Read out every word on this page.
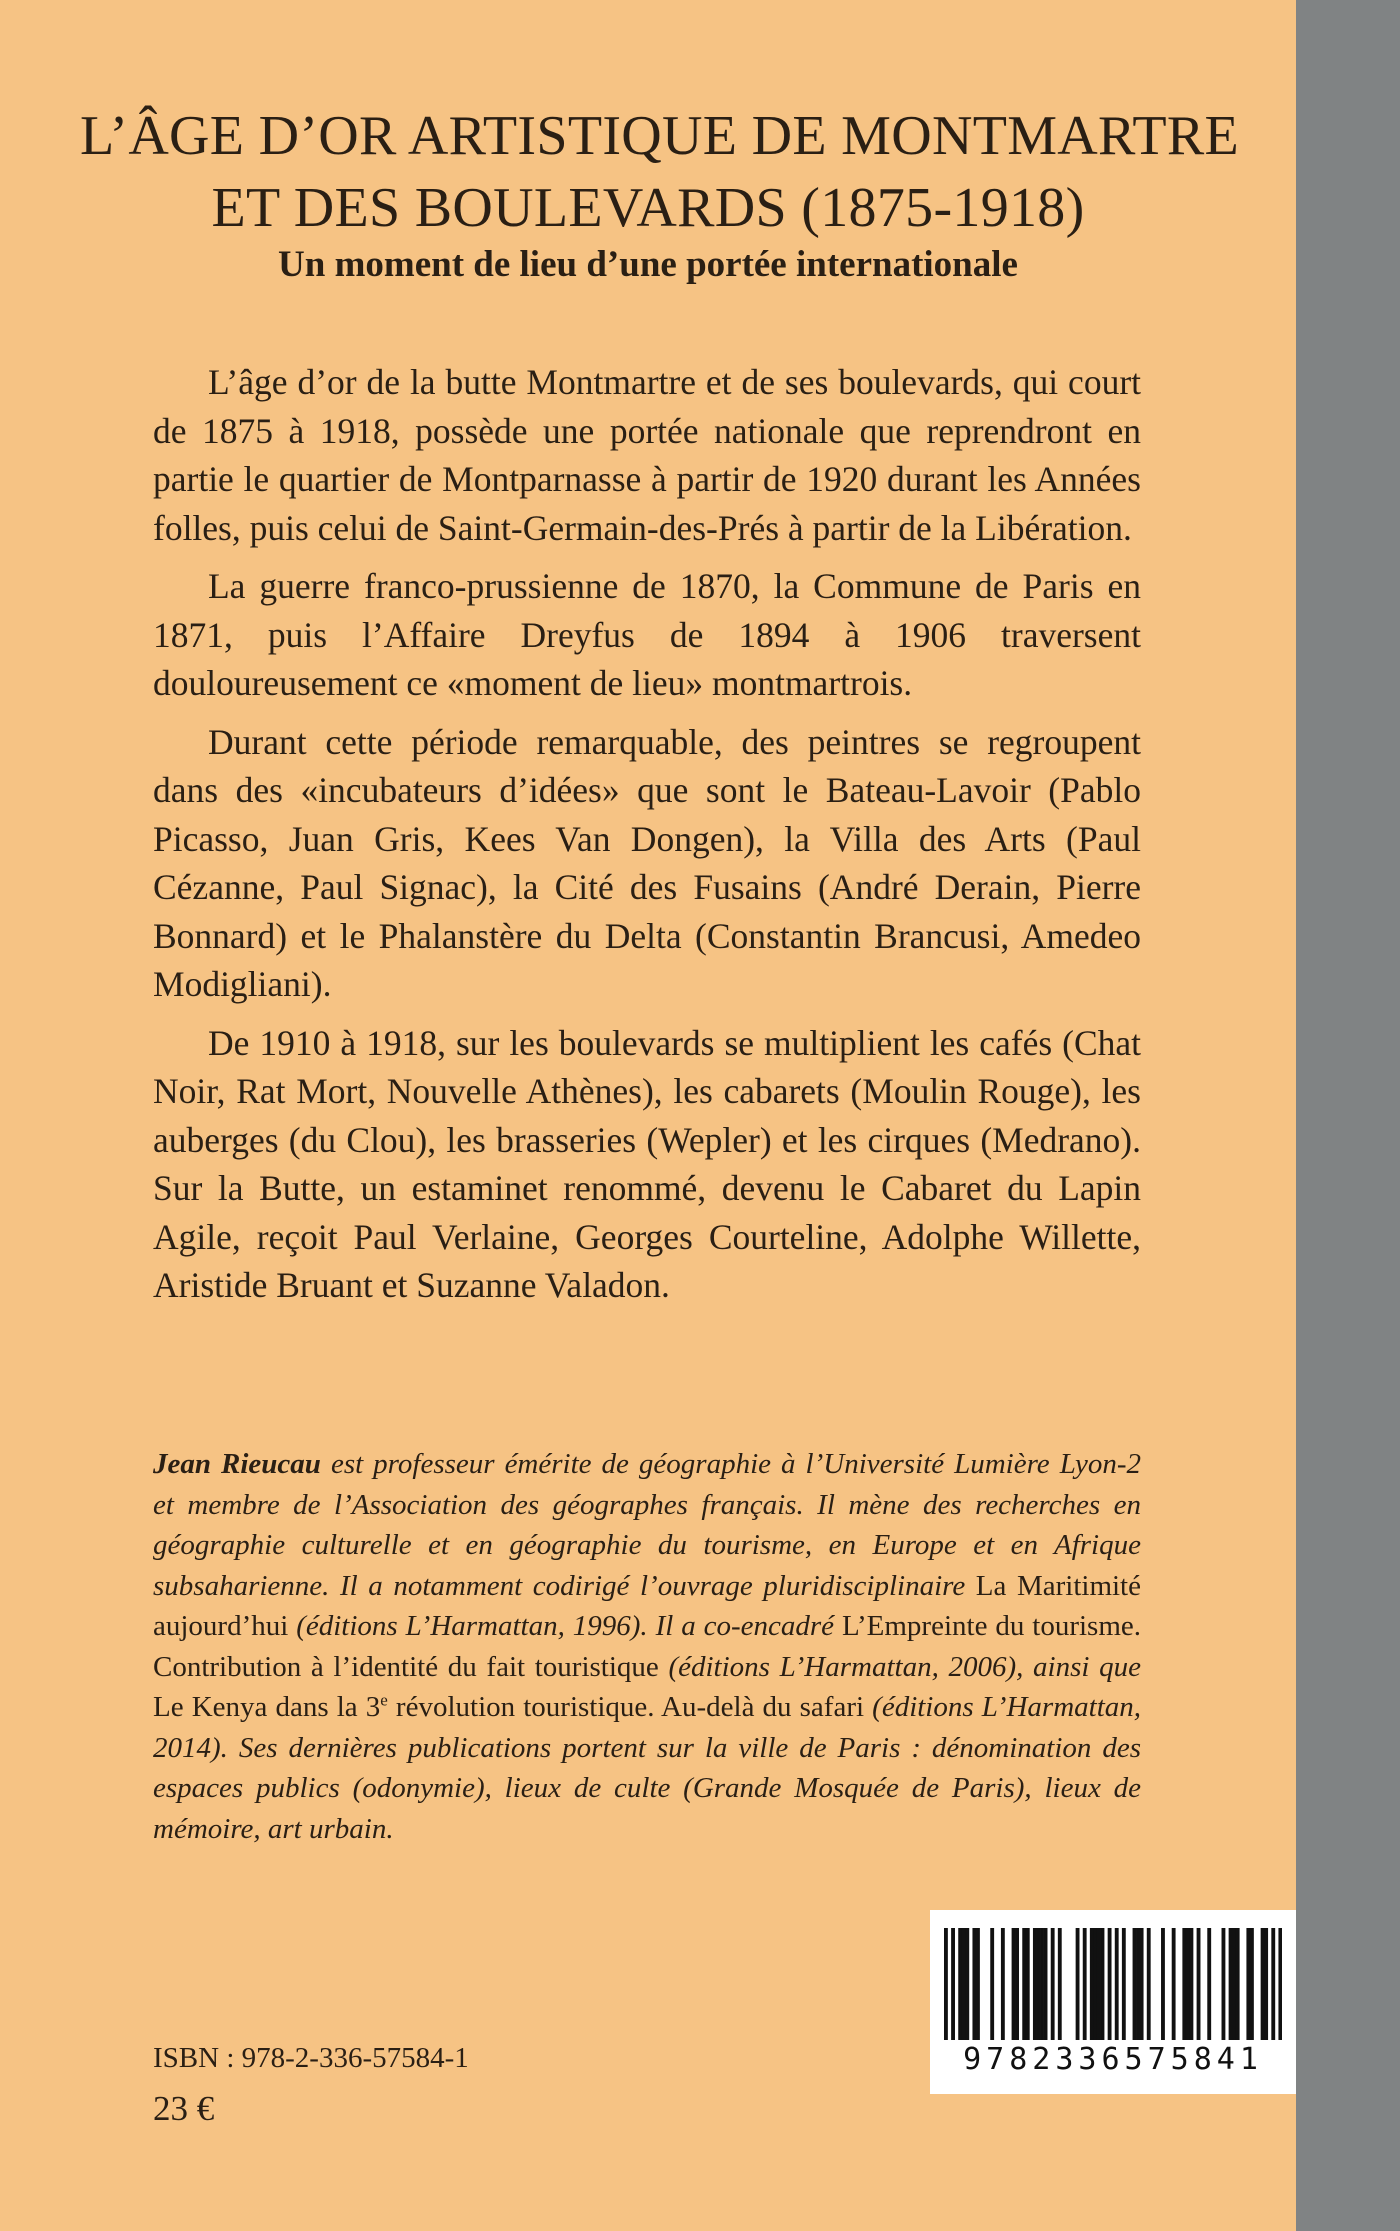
L’ÂGE D’OR ARTISTIQUE DE MONTMARTRE
ET DES BOULEVARDS (1875-1918)
Un moment de lieu d’une portée internationale

L’âge d’or de la butte Montmartre et de ses boulevards, qui court de 1875 à 1918, possède une portée nationale que reprendront en partie le quartier de Montparnasse à partir de 1920 durant les Années folles, puis celui de Saint-Germain-des-Prés à partir de la Libération.

La guerre franco-prussienne de 1870, la Commune de Paris en 1871, puis l’Affaire Dreyfus de 1894 à 1906 traversent douloureusement ce «moment de lieu» montmartrois.

Durant cette période remarquable, des peintres se regroupent dans des «incubateurs d’idées» que sont le Bateau-Lavoir (Pablo Picasso, Juan Gris, Kees Van Dongen), la Villa des Arts (Paul Cézanne, Paul Signac), la Cité des Fusains (André Derain, Pierre Bonnard) et le Phalanstère du Delta (Constantin Brancusi, Amedeo Modigliani).

De 1910 à 1918, sur les boulevards se multiplient les cafés (Chat Noir, Rat Mort, Nouvelle Athènes), les cabarets (Moulin Rouge), les auberges (du Clou), les brasseries (Wepler) et les cirques (Medrano). Sur la Butte, un estaminet renommé, devenu le Cabaret du Lapin Agile, reçoit Paul Verlaine, Georges Courteline, Adolphe Willette, Aristide Bruant et Suzanne Valadon.

Jean Rieucau est professeur émérite de géographie à l’Université Lumière Lyon-2 et membre de l’Association des géographes français. Il mène des recherches en géographie culturelle et en géographie du tourisme, en Europe et en Afrique subsaharienne. Il a notamment codirigé l’ouvrage pluridisciplinaire La Maritimité aujourd’hui (éditions L’Harmattan, 1996). Il a co-encadré L’Empreinte du tourisme. Contribution à l’identité du fait touristique (éditions L’Harmattan, 2006), ainsi que Le Kenya dans la 3e révolution touristique. Au-delà du safari (éditions L’Harmattan, 2014). Ses dernières publications portent sur la ville de Paris : dénomination des espaces publics (odonymie), lieux de culte (Grande Mosquée de Paris), lieux de mémoire, art urbain.
ISBN : 978-2-336-57584-1
23 €
9782336575841
